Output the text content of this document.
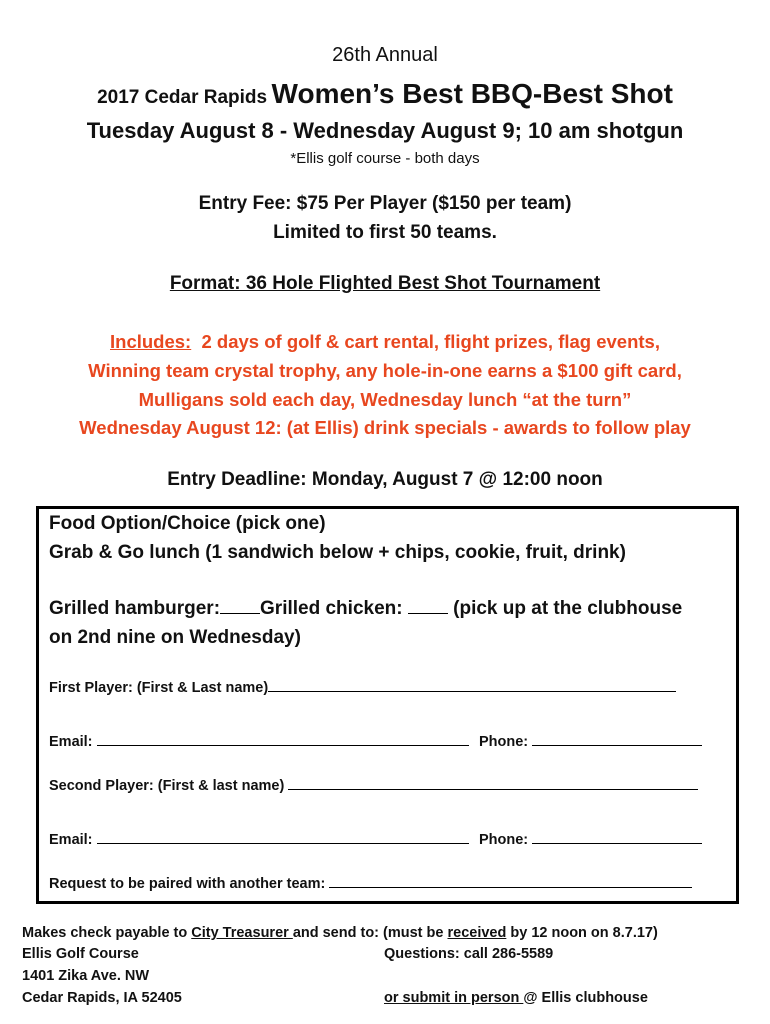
26th Annual
2017 Cedar Rapids Women’s Best BBQ-Best Shot
Tuesday August 8 - Wednesday August 9; 10 am shotgun
*Ellis golf course - both days
Entry Fee: $75 Per Player ($150 per team)
Limited to first 50 teams.
Format: 36 Hole Flighted Best Shot Tournament
Includes:  2 days of golf & cart rental, flight prizes, flag events,
Winning team crystal trophy, any hole-in-one earns a $100 gift card,
Mulligans sold each day, Wednesday lunch “at the turn”
Wednesday August 12: (at Ellis) drink specials - awards to follow play
Entry Deadline: Monday, August 7 @ 12:00 noon
Food Option/Choice (pick one)
Grab & Go lunch (1 sandwich below + chips, cookie, fruit, drink)
Grilled hamburger: Grilled chicken:	(pick up at the clubhouse
on 2nd nine on Wednesday)
First Player: (First & Last name)
Email:	Phone:
Second Player: (First & last name)
Email:	Phone:
Request to be paired with another team:
Makes check payable to City Treasurer and send to: (must be received by 12 noon on 8.7.17)
Ellis Golf Course
1401 Zika Ave. NW
Cedar Rapids, IA 52405
Questions: call 286-5589
or submit in person @ Ellis clubhouse
